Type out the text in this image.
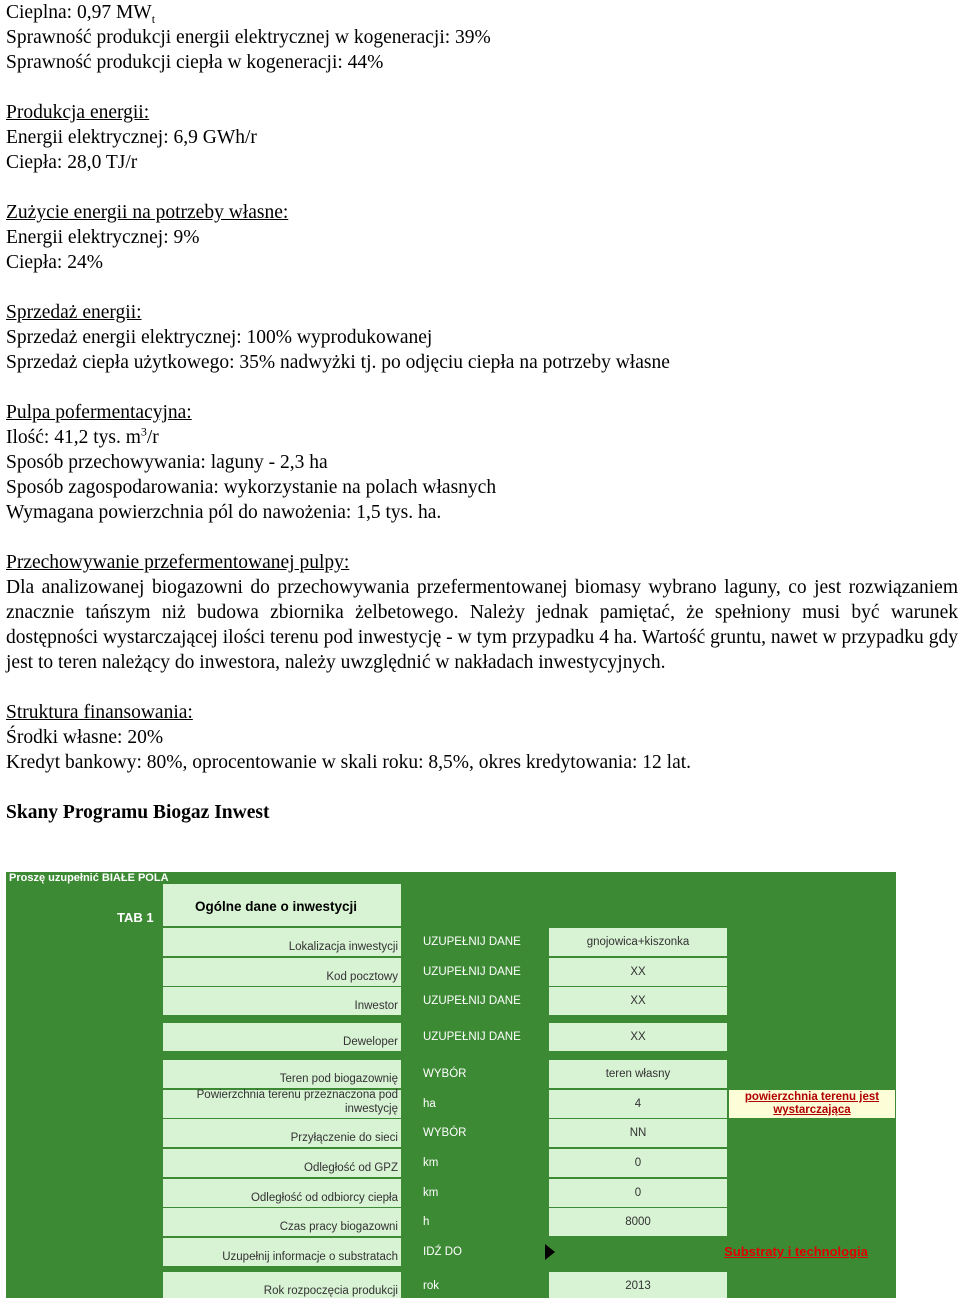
Cieplna: 0,97 $MW_t$
Sprawność produkcji energii elektrycznej w kogeneracji: 39%
Sprawność produkcji ciepła w kogeneracji: 44%
Produkcja energii:
Energii elektrycznej: 6,9 GWh/r
Ciepła: 28,0 TJ/r
Zużycie energii na potrzeby własne:
Energii elektrycznej: 9%
Ciepła: 24%
Sprzedaż energii:
Sprzedaż energii elektrycznej: 100% wyprodukowanej
Sprzedaż ciepła użytkowego: 35% nadwyżki tj. po odjęciu ciepła na potrzeby własne
Pulpa pofermentacyjna:
Ilość: 41,2 tys. $m^3/r$
Sposób przechowywania: laguny - 2,3 ha
Sposób zagospodarowania: wykorzystanie na polach własnych
Wymagana powierzchnia pól do nawożenia: 1,5 tys. ha.
Przechowywanie przefermentowanej pulpy:
Dla analizowanej biogazowni do przechowywania przefermentowanej biomasy wybrano laguny, co jest rozwiązaniem znacznie tańszym niż budowa zbiornika żelbetowego. Należy jednak pamiętać, że spełniony musi być warunek dostępności wystarczającej ilości terenu pod inwestycję - w tym przypadku 4 ha. Wartość gruntu, nawet w przypadku gdy jest to teren należący do inwestora, należy uwzględnić w nakładach inwestycyjnych.
Struktura finansowania:
Środki własne: 20%
Kredyt bankowy: 80%, oprocentowanie w skali roku: 8,5%, okres kredytowania: 12 lat.
Skany Programu Biogaz Inwest
Proszę uzupełnić BIAŁE POLA
TAB 1
Ogólne dane o inwestycji
Lokalizacja inwestycji	UZUPEŁNIJ DANE	gnojowica+kiszonka
Kod pocztowy	UZUPEŁNIJ DANE	XX
Inwestor	UZUPEŁNIJ DANE	XX
Deweloper	UZUPEŁNIJ DANE	XX
Teren pod biogazownię	WYBÓR	teren własny
Powierzchnia terenu przeznaczona pod inwestycję	ha	4
powierzchnia terenu jest wystarczająca
Przyłączenie do sieci	WYBÓR	NN
Odległość od GPZ	km	0
Odległość od odbiorcy ciepła	km	0
Czas pracy biogazowni	h	8000
Uzupełnij informacje o substratach	IDŹ DO	Substraty i technologia
Rok rozpoczęcia produkcji	rok	2013
